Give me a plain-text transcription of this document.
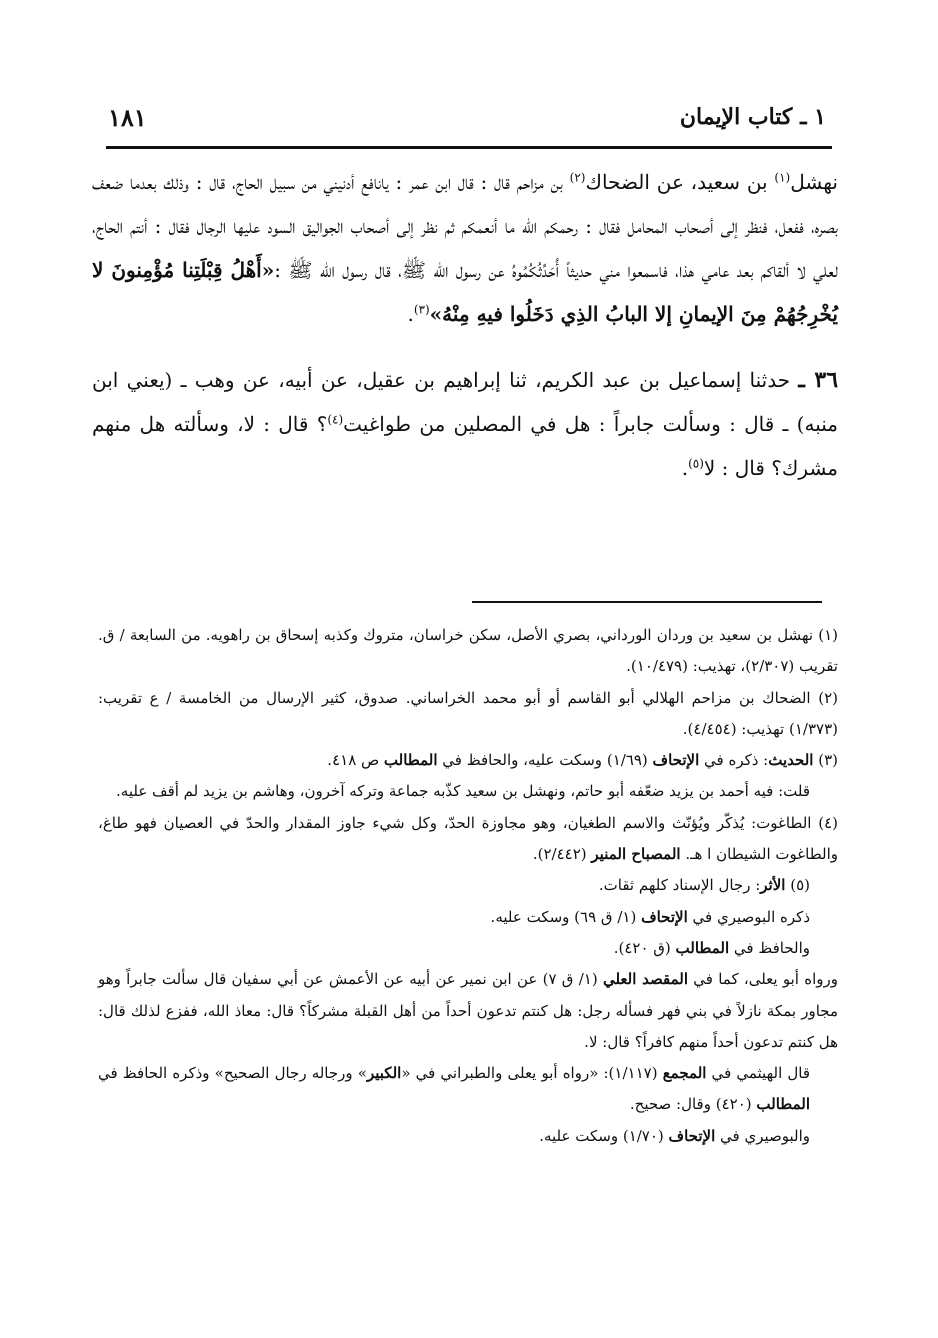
١ ـ كتاب الإيمان
١٨١

نهشل$^{(١)}$ بن سعيد، عن الضحاك$^{(٢)}$ بن مزاحم قال : قال ابن عمر : يانافع أدنيني من سبيل الحاج، قال : وذلك بعدما ضعف بصره، ففعل، فنظر إلى أصحاب المحامل فقال : رحمكم الله ما أنعمكم ثم نظر إلى أصحاب الجواليق السود عليها الرجال فقال : أنتم الحاج، لعلي لا ألقاكم بعد عامي هذا، فاسمعوا مني حديثاً أُحَدِّثُكُمُوهُ عن رسول الله ﷺ، قال رسول الله ﷺ :«أَهْلُ قِبْلَتِنا مُؤْمِنونَ لا يُخْرِجُهُمْ مِنَ الإيمانِ إلا البابُ الذِي دَخَلُوا فيهِ مِنْهُ»$^{(٣)}$.

٣٦ ـ حدثنا إسماعيل بن عبد الكريم، ثنا إبراهيم بن عقيل، عن أبيه، عن وهب ـ (يعني ابن منبه) ـ قال : وسألت جابراً : هل في المصلين من طواغيت$^{(٤)}$؟ قال : لا، وسألته هل منهم مشرك؟ قال : لا$^{(٥)}$.

(١) نهشل بن سعيد بن وردان الورداني، بصري الأصل، سكن خراسان، متروك وكذبه إسحاق بن راهويه. من السابعة / ق. تقريب (٢/٣٠٧)، تهذيب: (١٠/٤٧٩).

(٢) الضحاك بن مزاحم الهلالي أبو القاسم أو أبو محمد الخراساني. صدوق، كثير الإرسال من الخامسة / ع تقريب: (١/٣٧٣) تهذيب: (٤/٤٥٤).

(٣) الحديث: ذكره في الإتحاف (١/٦٩) وسكت عليه، والحافظ في المطالب ص ٤١٨.

قلت: فيه أحمد بن يزيد ضعّفه أبو حاتم، ونهشل بن سعيد كذّبه جماعة وتركه آخرون، وهاشم بن يزيد لم أقف عليه.

(٤) الطاغوت: يُذكّر ويُؤنّث والاسم الطغيان، وهو مجاوزة الحدّ، وكل شيء جاوز المقدار والحدّ في العصيان فهو طاغ، والطاغوت الشيطان ا هـ. المصباح المنير (٢/٤٤٢).

(٥) الأثر: رجال الإسناد كلهم ثقات.

ذكره البوصيري في الإتحاف (١/ ق ٦٩) وسكت عليه.

والحافظ في المطالب (ق ٤٢٠).

ورواه أبو يعلى، كما في المقصد العلي (١/ ق ٧) عن ابن نمير عن أبيه عن الأعمش عن أبي سفيان قال سألت جابراً وهو مجاور بمكة نازلاً في بني فهر فسأله رجل: هل كنتم تدعون أحداً من أهل القبلة مشركاً؟ قال: معاذ الله، ففزع لذلك قال: هل كنتم تدعون أحداً منهم كافراً؟ قال: لا.

قال الهيثمي في المجمع (١/١١٧): «رواه أبو يعلى والطبراني في «الكبير» ورجاله رجال الصحيح» وذكره الحافظ في المطالب (٤٢٠) وقال: صحيح.

والبوصيري في الإتحاف (١/٧٠) وسكت عليه.
